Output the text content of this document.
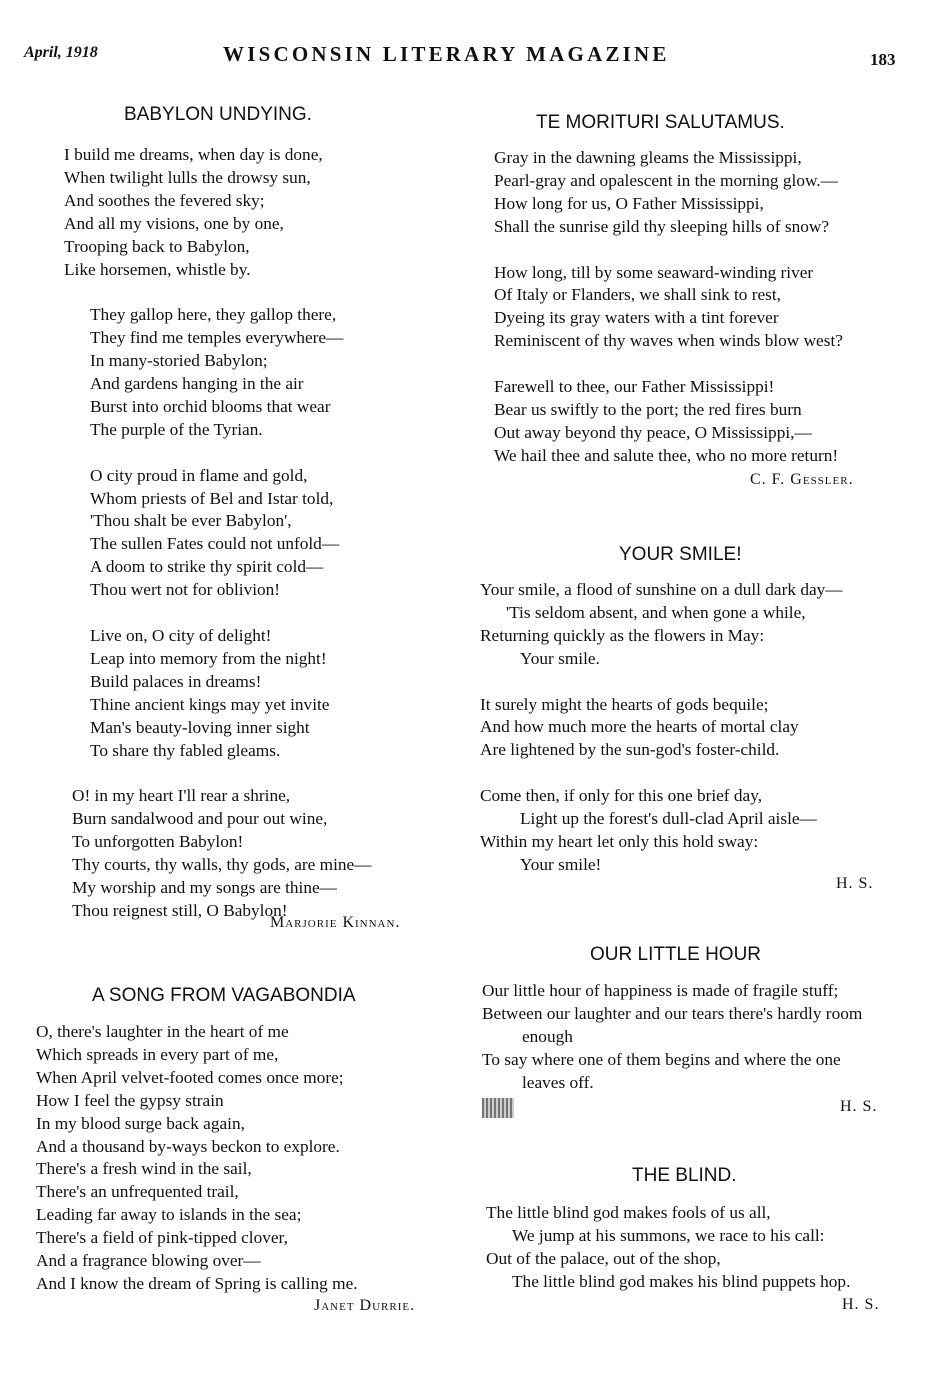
April, 1918	WISCONSIN LITERARY MAGAZINE	183
BABYLON UNDYING.
I build me dreams, when day is done,
When twilight lulls the drowsy sun,
And soothes the fevered sky;
And all my visions, one by one,
Trooping back to Babylon,
Like horsemen, whistle by.
They gallop here, they gallop there,
They find me temples everywhere—
In many-storied Babylon;
And gardens hanging in the air
Burst into orchid blooms that wear
The purple of the Tyrian.
O city proud in flame and gold,
Whom priests of Bel and Istar told,
'Thou shalt be ever Babylon',
The sullen Fates could not unfold—
A doom to strike thy spirit cold—
Thou wert not for oblivion!
Live on, O city of delight!
Leap into memory from the night!
Build palaces in dreams!
Thine ancient kings may yet invite
Man's beauty-loving inner sight
To share thy fabled gleams.
O! in my heart I'll rear a shrine,
Burn sandalwood and pour out wine,
To unforgotten Babylon!
Thy courts, thy walls, thy gods, are mine—
My worship and my songs are thine—
Thou reignest still, O Babylon!
Marjorie Kinnan.
A SONG FROM VAGABONDIA
O, there's laughter in the heart of me
Which spreads in every part of me,
When April velvet-footed comes once more;
How I feel the gypsy strain
In my blood surge back again,
And a thousand by-ways beckon to explore.
There's a fresh wind in the sail,
There's an unfrequented trail,
Leading far away to islands in the sea;
There's a field of pink-tipped clover,
And a fragrance blowing over—
And I know the dream of Spring is calling me.
Janet Durrie.
TE MORITURI SALUTAMUS.
Gray in the dawning gleams the Mississippi,
Pearl-gray and opalescent in the morning glow.—
How long for us, O Father Mississippi,
Shall the sunrise gild thy sleeping hills of snow?
How long, till by some seaward-winding river
Of Italy or Flanders, we shall sink to rest,
Dyeing its gray waters with a tint forever
Reminiscent of thy waves when winds blow west?
Farewell to thee, our Father Mississippi!
Bear us swiftly to the port; the red fires burn
Out away beyond thy peace, O Mississippi,—
We hail thee and salute thee, who no more return!
C. F. Gessler.
YOUR SMILE!
Your smile, a flood of sunshine on a dull dark day—
'Tis seldom absent, and when gone a while,
Returning quickly as the flowers in May:
Your smile.
It surely might the hearts of gods bequile;
And how much more the hearts of mortal clay
Are lightened by the sun-god's foster-child.
Come then, if only for this one brief day,
Light up the forest's dull-clad April aisle—
Within my heart let only this hold sway:
Your smile!
H. S.
OUR LITTLE HOUR
Our little hour of happiness is made of fragile stuff;
Between our laughter and our tears there's hardly room
enough
To say where one of them begins and where the one
leaves off.
H. S.
THE BLIND.
The little blind god makes fools of us all,
We jump at his summons, we race to his call:
Out of the palace, out of the shop,
The little blind god makes his blind puppets hop.
H. S.
